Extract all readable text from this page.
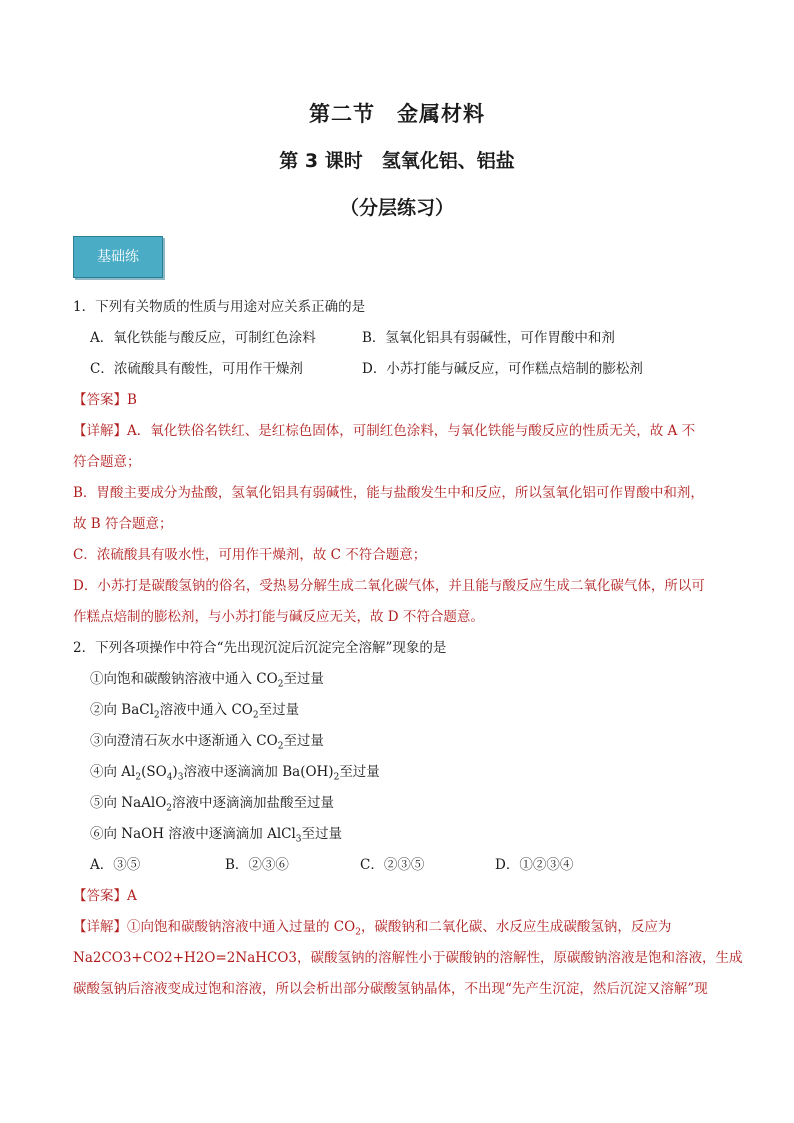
第二节　金属材料
第 3 课时　氢氧化铝、铝盐
（分层练习）
基础练
1．下列有关物质的性质与用途对应关系正确的是
A．氧化铁能与酸反应，可制红色涂料	B．氢氧化铝具有弱碱性，可作胃酸中和剂
C．浓硫酸具有酸性，可用作干燥剂	D．小苏打能与碱反应，可作糕点焙制的膨松剂
【答案】B
【详解】A．氧化铁俗名铁红、是红棕色固体，可制红色涂料，与氧化铁能与酸反应的性质无关，故 A 不
符合题意；
B．胃酸主要成分为盐酸，氢氧化铝具有弱碱性，能与盐酸发生中和反应，所以氢氧化铝可作胃酸中和剂，
故 B 符合题意；
C．浓硫酸具有吸水性，可用作干燥剂，故 C 不符合题意；
D．小苏打是碳酸氢钠的俗名，受热易分解生成二氧化碳气体，并且能与酸反应生成二氧化碳气体，所以可
作糕点焙制的膨松剂，与小苏打能与碱反应无关，故 D 不符合题意。
2．下列各项操作中符合“先出现沉淀后沉淀完全溶解”现象的是
①向饱和碳酸钠溶液中通入 $CO_2$至过量
②向 BaCl$_2$溶液中通入 $CO_2$至过量
③向澄清石灰水中逐渐通入 $CO_2$至过量
④向 $Al_2(SO_4)_3$溶液中逐滴滴加 $Ba(OH)_2$至过量
⑤向 NaAlO$_2$溶液中逐滴滴加盐酸至过量
⑥向 NaOH 溶液中逐滴滴加 AlCl$_3$至过量
A．③⑤	B．②③⑥	C．②③⑤	D．①②③④
【答案】A
【详解】①向饱和碳酸钠溶液中通入过量的 $CO_2$，碳酸钠和二氧化碳、水反应生成碳酸氢钠，反应为
Na2CO3+CO2+H2O=2NaHCO3，碳酸氢钠的溶解性小于碳酸钠的溶解性，原碳酸钠溶液是饱和溶液，生成
碳酸氢钠后溶液变成过饱和溶液，所以会析出部分碳酸氢钠晶体，不出现“先产生沉淀，然后沉淀又溶解”现
